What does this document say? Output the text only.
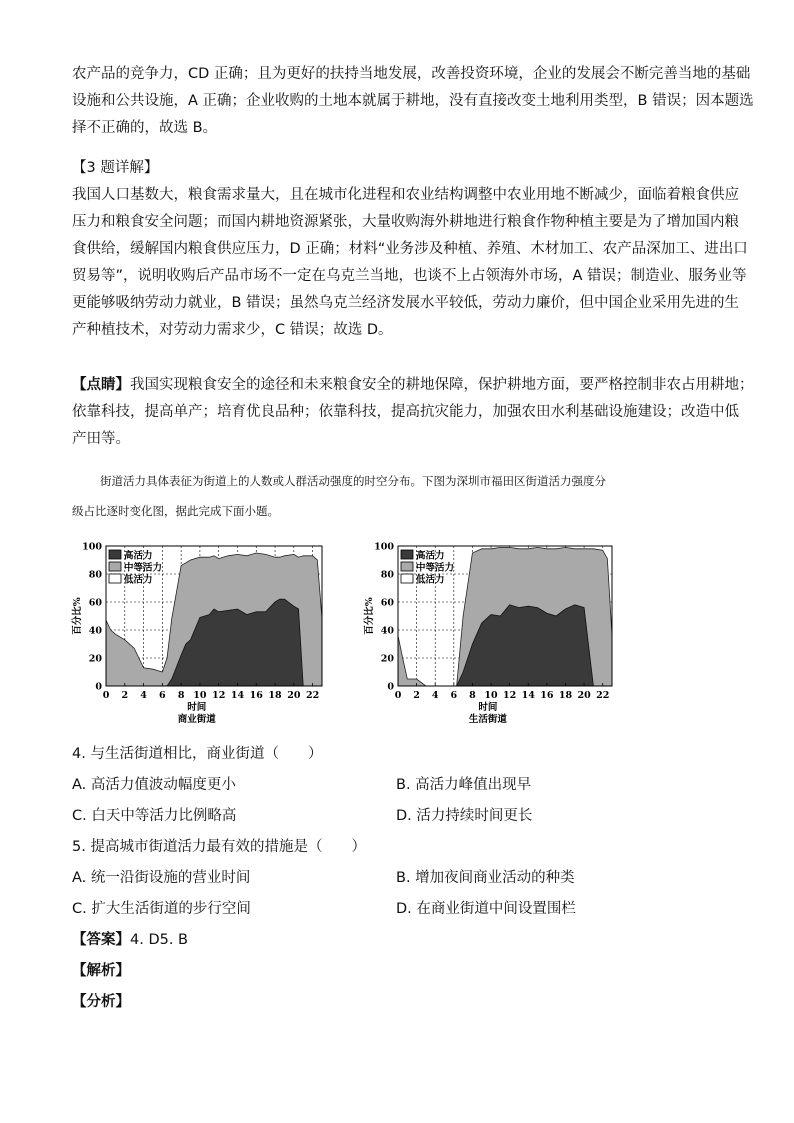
农产品的竞争力，CD 正确；且为更好的扶持当地发展，改善投资环境，企业的发展会不断完善当地的基础

设施和公共设施，A 正确；企业收购的土地本就属于耕地，没有直接改变土地利用类型，B 错误；因本题选

择不正确的，故选 B。

【3 题详解】

我国人口基数大，粮食需求量大，且在城市化进程和农业结构调整中农业用地不断减少，面临着粮食供应

压力和粮食安全问题；而国内耕地资源紧张，大量收购海外耕地进行粮食作物种植主要是为了增加国内粮

食供给，缓解国内粮食供应压力，D 正确；材料“业务涉及种植、养殖、木材加工、农产品深加工、进出口

贸易等”，说明收购后产品市场不一定在乌克兰当地，也谈不上占领海外市场，A 错误；制造业、服务业等

更能够吸纳劳动力就业，B 错误；虽然乌克兰经济发展水平较低，劳动力廉价，但中国企业采用先进的生

产种植技术，对劳动力需求少，C 错误；故选 D。

【点睛】我国实现粮食安全的途径和未来粮食安全的耕地保障，保护耕地方面，要严格控制非农占用耕地；

依靠科技，提高单产；培育优良品种；依靠科技，提高抗灾能力，加强农田水利基础设施建设；改造中低

产田等。

街道活力具体表征为街道上的人数或人群活动强度的时空分布。下图为深圳市福田区街道活力强度分

级占比逐时变化图，据此完成下面小题。

0 2 4 6 8 10 12 14 16 18 20 22
0
20
40
60
80
100
百分比%
时间
商业街道
高活力
中等活力
低活力
0 2 4 6 8 10 12 14 16 18 20 22
0
20
40
60
80
100
百分比%
时间
生活街道
高活力
中等活力
低活力
4. 与生活街道相比，商业街道（　　）
A. 高活力值波动幅度更小	B. 高活力峰值出现早
C. 白天中等活力比例略高	D. 活力持续时间更长
5. 提高城市街道活力最有效的措施是（　　）
A. 统一沿街设施的营业时间	B. 增加夜间商业活动的种类
C. 扩大生活街道的步行空间	D. 在商业街道中间设置围栏
【答案】4. D5. B
【解析】
【分析】
